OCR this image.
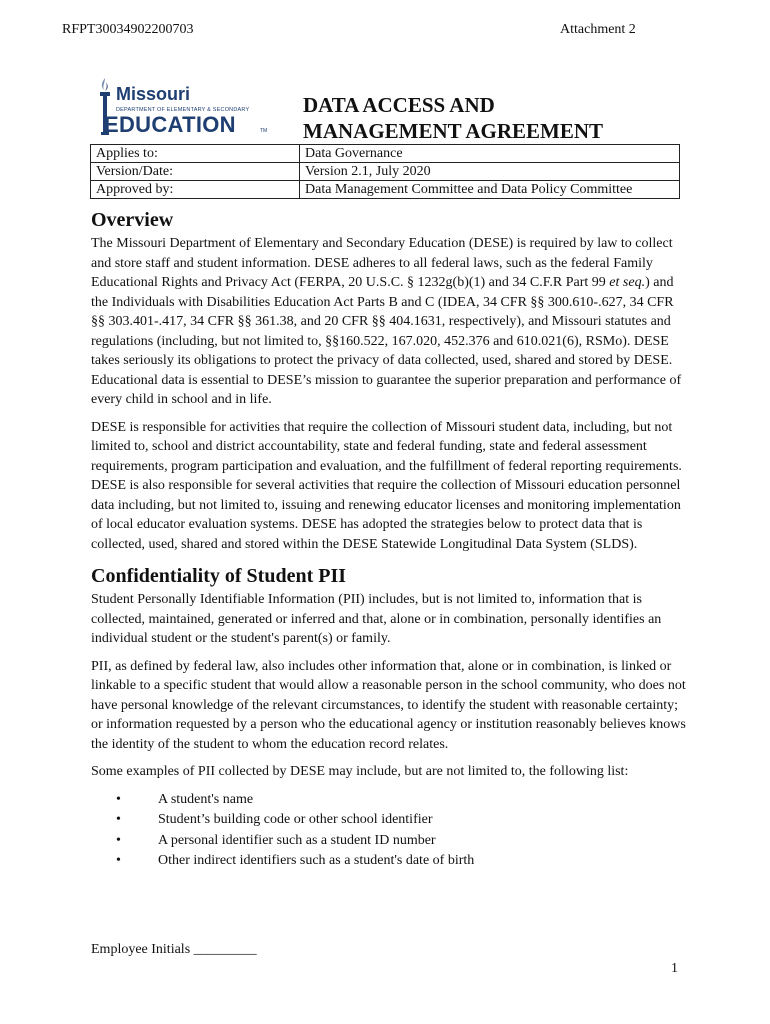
RFPT30034902200703	Attachment 2
Missouri
DEPARTMENT OF ELEMENTARY & SECONDARY
EDUCATION	TM
DATA ACCESS AND
MANAGEMENT AGREEMENT
Applies to:	Data Governance
Version/Date:	Version 2.1, July 2020
Approved by:	Data Management Committee and Data Policy Committee
Overview

The Missouri Department of Elementary and Secondary Education (DESE) is required by law to collect and store staff and student information. DESE adheres to all federal laws, such as the federal Family Educational Rights and Privacy Act (FERPA, 20 U.S.C. § 1232g(b)(1) and 34 C.F.R Part 99 et seq.) and the Individuals with Disabilities Education Act Parts B and C (IDEA, 34 CFR §§ 300.610-.627, 34 CFR §§ 303.401-.417, 34 CFR §§ 361.38, and 20 CFR §§ 404.1631, respectively), and Missouri statutes and regulations (including, but not limited to, §§160.522, 167.020, 452.376 and 610.021(6), RSMo). DESE takes seriously its obligations to protect the privacy of data collected, used, shared and stored by DESE. Educational data is essential to DESE’s mission to guarantee the superior preparation and performance of every child in school and in life.

DESE is responsible for activities that require the collection of Missouri student data, including, but not limited to, school and district accountability, state and federal funding, state and federal assessment requirements, program participation and evaluation, and the fulfillment of federal reporting requirements. DESE is also responsible for several activities that require the collection of Missouri education personnel data including, but not limited to, issuing and renewing educator licenses and monitoring implementation of local educator evaluation systems. DESE has adopted the strategies below to protect data that is collected, used, shared and stored within the DESE Statewide Longitudinal Data System (SLDS).

Confidentiality of Student PII

Student Personally Identifiable Information (PII) includes, but is not limited to, information that is collected, maintained, generated or inferred and that, alone or in combination, personally identifies an individual student or the student's parent(s) or family.

PII, as defined by federal law, also includes other information that, alone or in combination, is linked or linkable to a specific student that would allow a reasonable person in the school community, who does not have personal knowledge of the relevant circumstances, to identify the student with reasonable certainty; or information requested by a person who the educational agency or institution reasonably believes knows the identity of the student to whom the education record relates.

Some examples of PII collected by DESE may include, but are not limited to, the following list:

•	A student's name
•	Student’s building code or other school identifier
•	A personal identifier such as a student ID number
•	Other indirect identifiers such as a student's date of birth
Employee Initials _________
1
